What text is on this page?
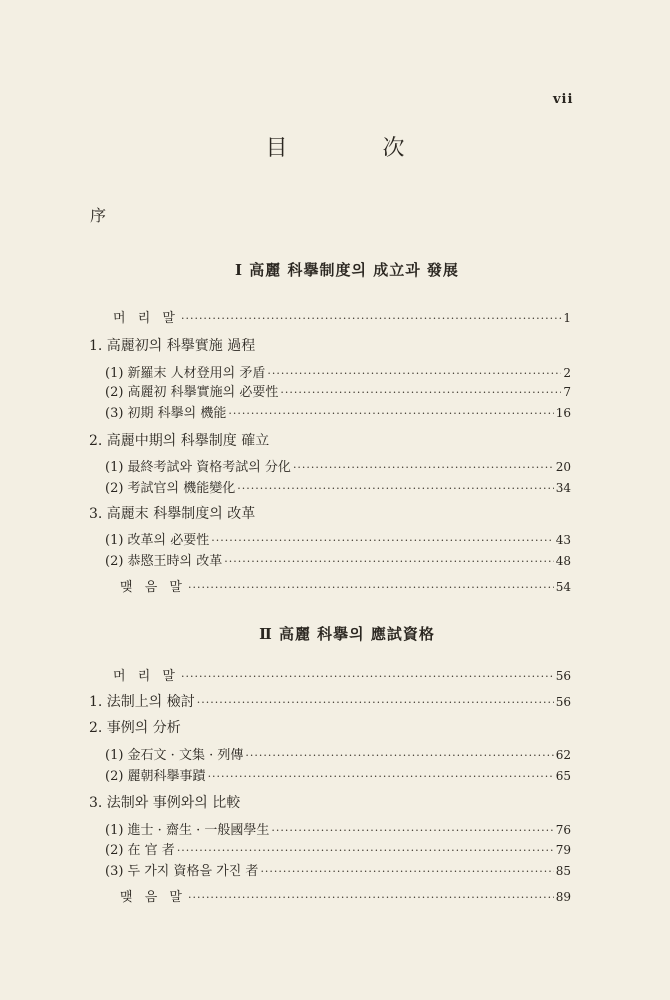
vii
目 次
序
Ⅰ 高麗 科擧制度의 成立과 發展
머 리 말 ·····	1
1. 高麗初의 科擧實施 過程
(1) 新羅末 人材登用의 矛盾 ·····	2
(2) 高麗初 科擧實施의 必要性 ·····	7
(3) 初期 科擧의 機能 ·····	16
2. 高麗中期의 科擧制度 確立
(1) 最終考試와 資格考試의 分化 ·····	20
(2) 考試官의 機能變化 ·····	34
3. 高麗末 科擧制度의 改革
(1) 改革의 必要性 ·····	43
(2) 恭愍王時의 改革 ·····	48
맺 음 말 ·····	54
Ⅱ 高麗 科擧의 應試資格
머 리 말 ·····	56
1. 法制上의 檢討 ·····	56
2. 事例의 分析
(1) 金石文 · 文集 · 列傳 ·····	62
(2) 麗朝科擧事蹟 ·····	65
3. 法制와 事例와의 比較
(1) 進士 · 齋生 · 一般國學生 ·····	76
(2) 在 官 者 ·····	79
(3) 두 가지 資格을 가진 者 ·····	85
맺 음 말 ·····	89
